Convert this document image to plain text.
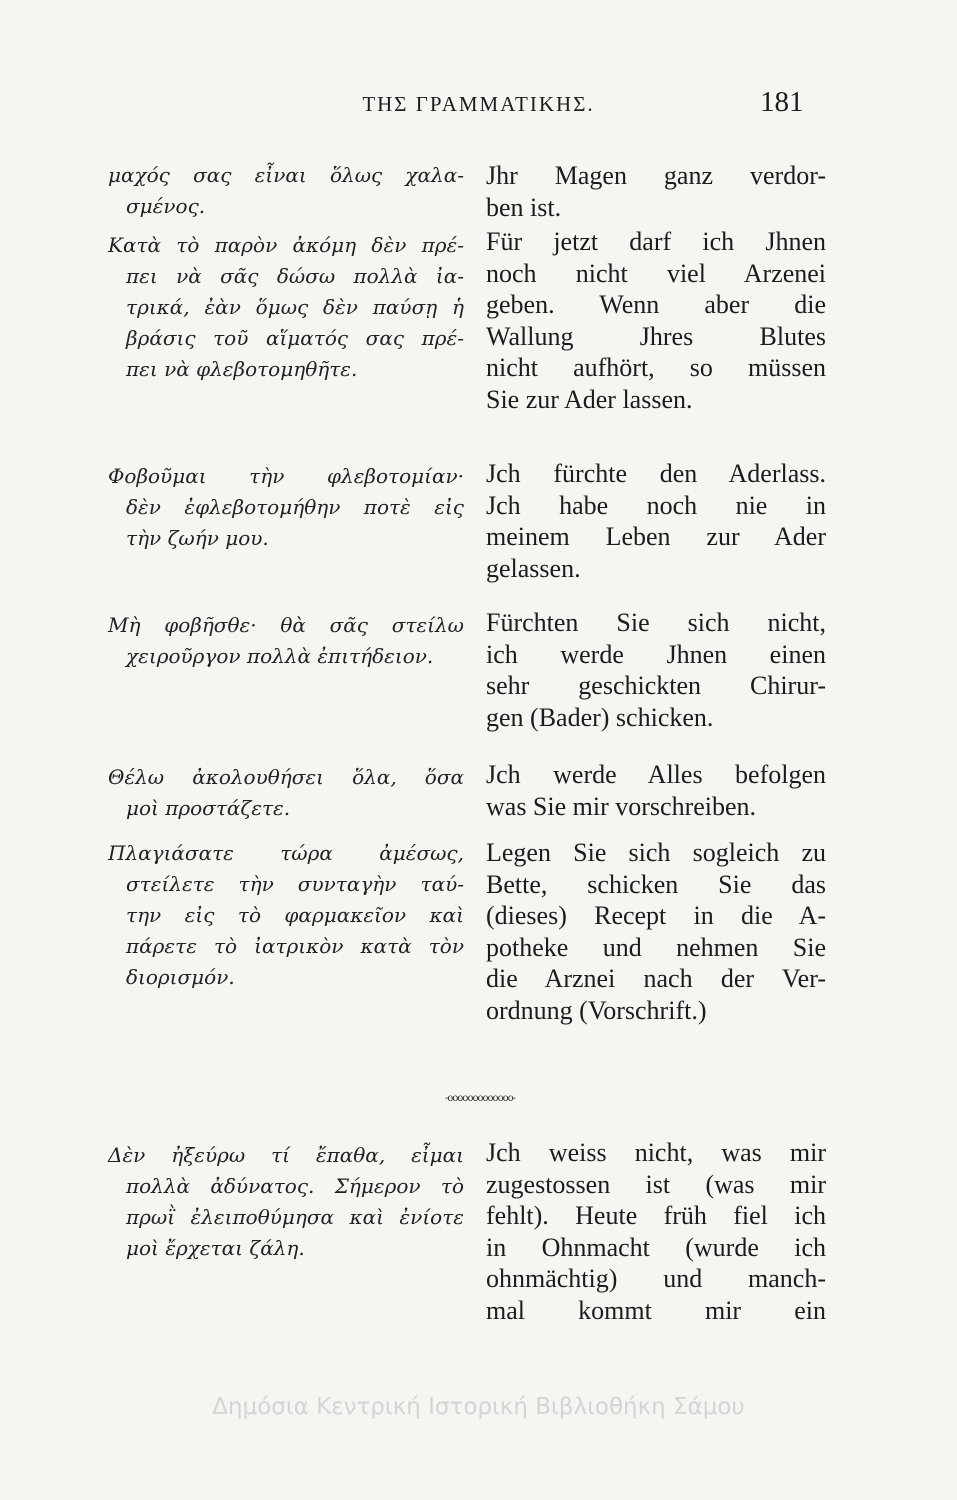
ΤΗΣ ΓΡΑΜΜΑΤΙΚΗΣ.	181
μαχός σας εἶναι ὅλως χαλα-
σμένος.
Jhr Magen ganz verdor-
ben ist.
Κατὰ τὸ παρὸν ἀκόμη δὲν πρέ-
πει νὰ σᾶς δώσω πολλὰ ἰα-
τρικά, ἐὰν ὅμως δὲν παύσῃ ἡ
βράσις τοῦ αἵματός σας πρέ-
πει νὰ φλεβοτομηθῆτε.
Für jetzt darf ich Jhnen
noch nicht viel Arzenei
geben. Wenn aber die
Wallung Jhres Blutes
nicht aufhört, so müssen
Sie zur Ader lassen.
Φοβοῦμαι τὴν φλεβοτομίαν·
δὲν ἐφλεβοτομήθην ποτὲ εἰς
τὴν ζωήν μου.
Jch fürchte den Aderlass.
Jch habe noch nie in
meinem Leben zur Ader
gelassen.
Μὴ φοβῆσθε· θὰ σᾶς στείλω
χειροῦργον πολλὰ ἐπιτήδειον.
Fürchten Sie sich nicht,
ich werde Jhnen einen
sehr geschickten Chirur-
gen (Bader) schicken.
Θέλω ἀκολουθήσει ὅλα, ὅσα
μοὶ προστάζετε.
Jch werde Alles befolgen
was Sie mir vorschreiben.
Πλαγιάσατε τώρα ἀμέσως,
στείλετε τὴν συνταγὴν ταύ-
την εἰς τὸ φαρμακεῖον καὶ
πάρετε τὸ ἰατρικὸν κατὰ τὸν
διορισμόν.
Legen Sie sich sogleich zu
Bette, schicken Sie das
(dieses) Recept in die A-
potheke und nehmen Sie
die Arznei nach der Ver-
ordnung (Vorschrift.)
-ooooooooooooo-
Δὲν ἠξεύρω τί ἔπαθα, εἶμαι
πολλὰ ἀδύνατος. Σήμερον τὸ
πρωῒ ἐλειποθύμησα καὶ ἐνίοτε
μοὶ ἔρχεται ζάλη.
Jch weiss nicht, was mir
zugestossen ist (was mir
fehlt). Heute früh fiel ich
in Ohnmacht (wurde ich
ohnmächtig) und manch-
mal kommt mir ein
Δημόσια Κεντρική Ιστορική Βιβλιοθήκη Σάμου
